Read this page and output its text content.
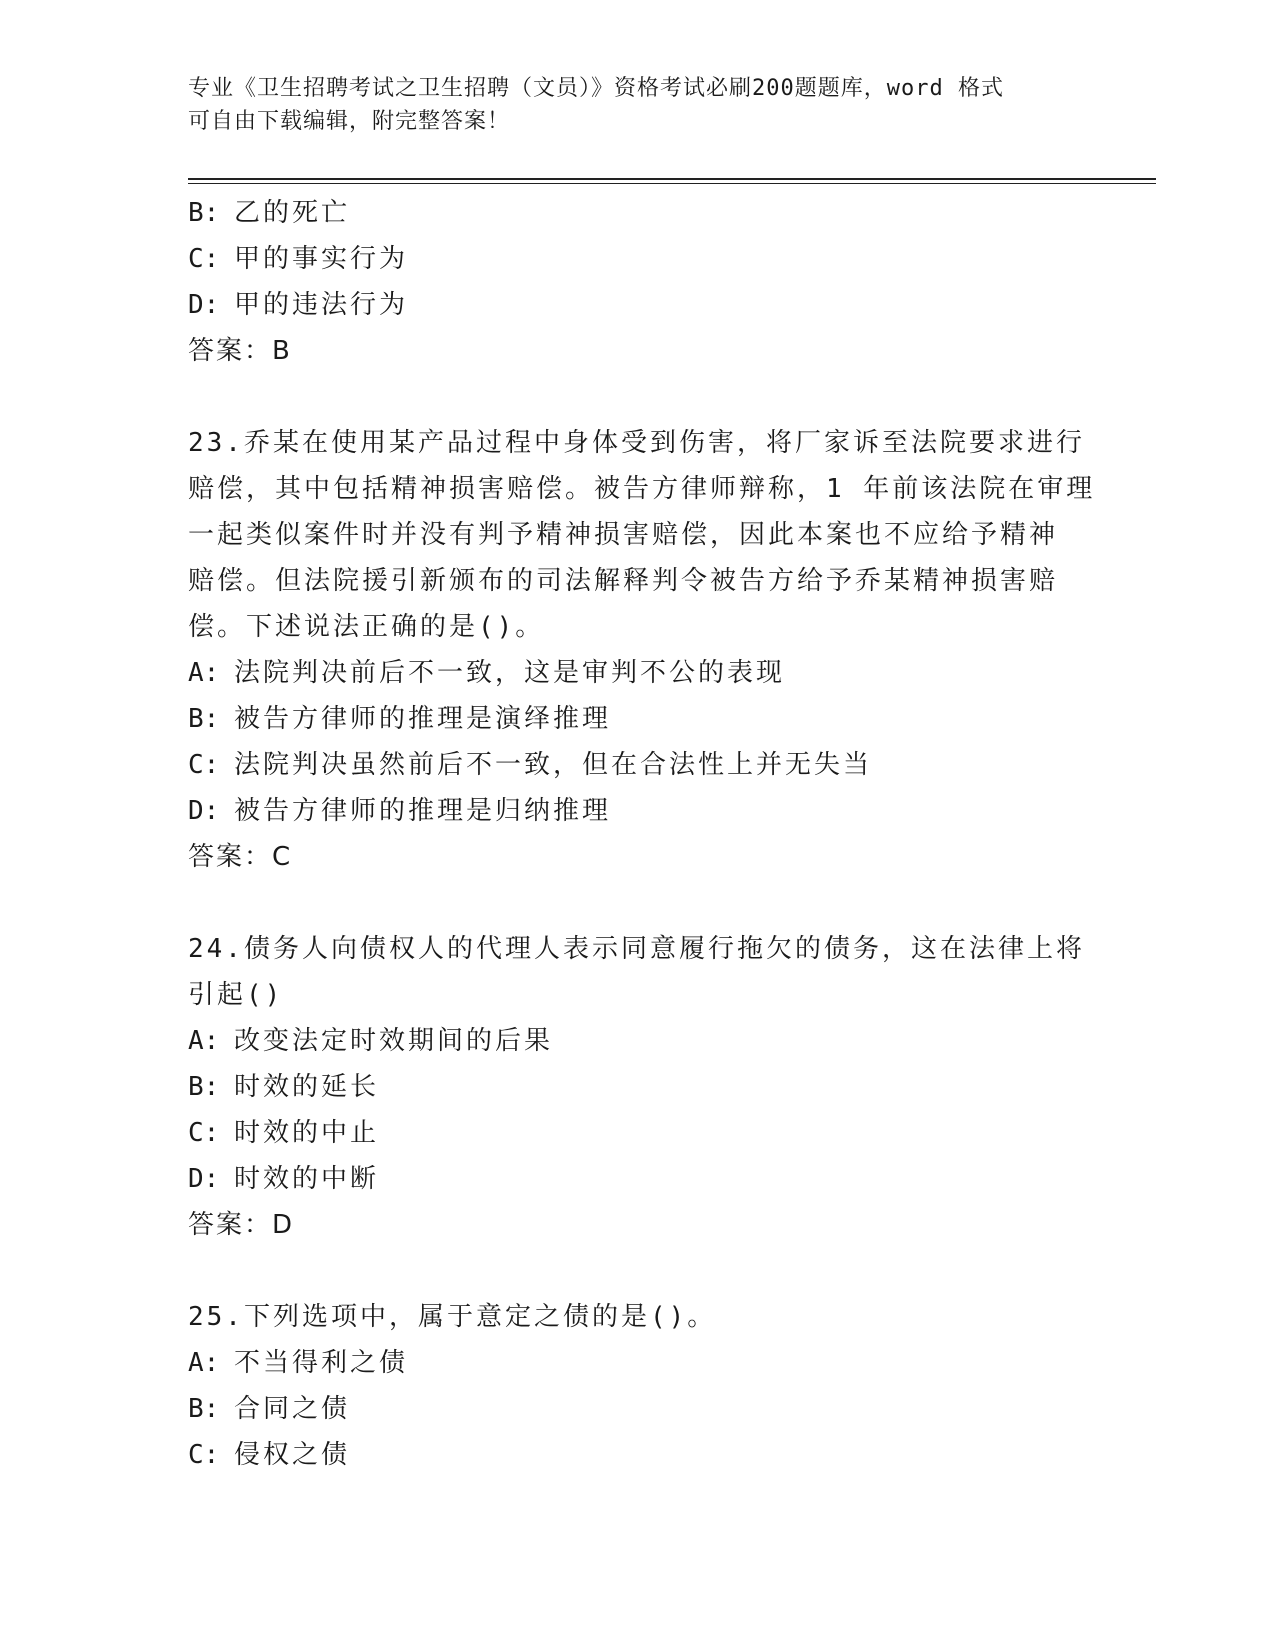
专业《卫生招聘考试之卫生招聘（文员）》资格考试必刷200题题库，word 格式
可自由下载编辑，附完整答案！
B: 乙的死亡
C: 甲的事实行为
D: 甲的违法行为
答案：B
23.乔某在使用某产品过程中身体受到伤害，将厂家诉至法院要求进行
赔偿，其中包括精神损害赔偿。被告方律师辩称，1 年前该法院在审理
一起类似案件时并没有判予精神损害赔偿，因此本案也不应给予精神
赔偿。但法院援引新颁布的司法解释判令被告方给予乔某精神损害赔
偿。下述说法正确的是()。
A: 法院判决前后不一致，这是审判不公的表现
B: 被告方律师的推理是演绎推理
C: 法院判决虽然前后不一致，但在合法性上并无失当
D: 被告方律师的推理是归纳推理
答案：C
24.债务人向债权人的代理人表示同意履行拖欠的债务，这在法律上将
引起()
A: 改变法定时效期间的后果
B: 时效的延长
C: 时效的中止
D: 时效的中断
答案：D
25.下列选项中，属于意定之债的是()。
A: 不当得利之债
B: 合同之债
C: 侵权之债
